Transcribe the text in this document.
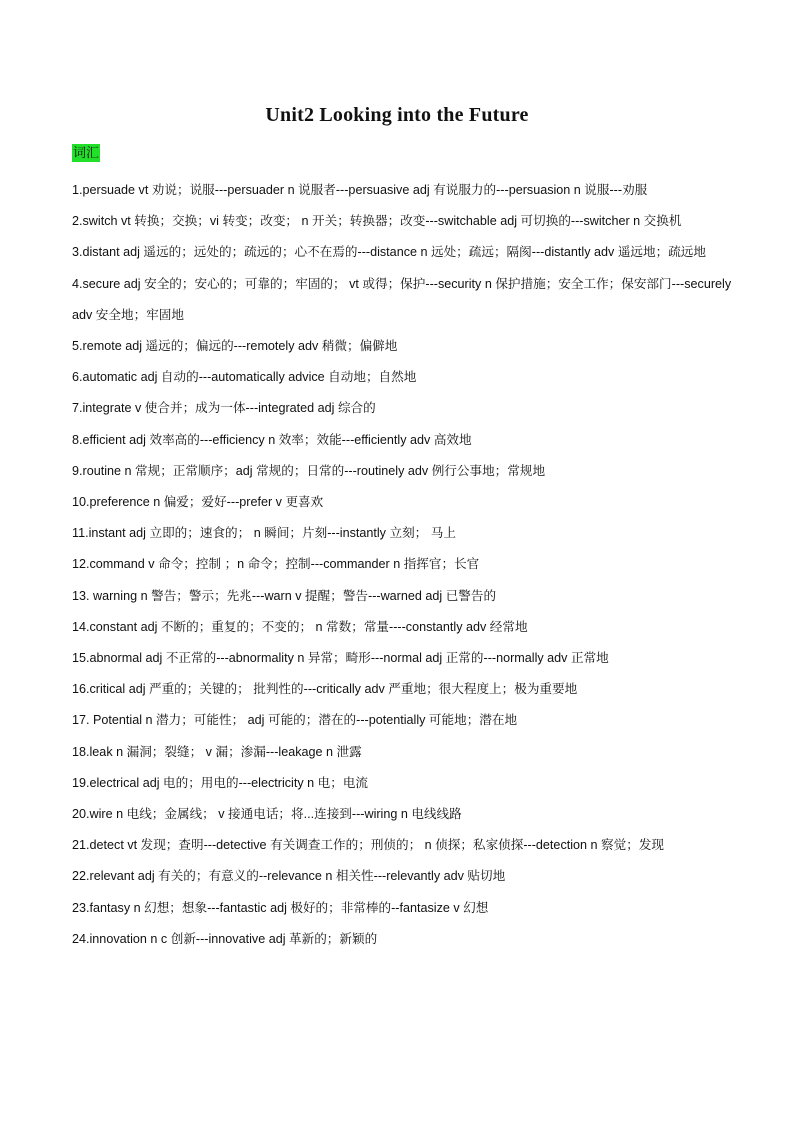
Unit2 Looking into the Future
词汇
1.persuade vt 劝说；说服---persuader n 说服者---persuasive adj 有说服力的---persuasion n 说服---劝服
2.switch vt 转换；交换；vi 转变；改变； n 开关；转换器；改变---switchable adj 可切换的---switcher n 交换机
3.distant adj 遥远的；远处的；疏远的；心不在焉的---distance n 远处；疏远；隔阂---distantly adv 遥远地；疏远地
4.secure adj 安全的；安心的；可靠的；牢固的； vt 或得；保护---security n 保护措施；安全工作；保安部门---securely adv 安全地；牢固地
5.remote adj 遥远的；偏远的---remotely adv 稍微；偏僻地
6.automatic adj 自动的---automatically advice 自动地；自然地
7.integrate v 使合并；成为一体---integrated adj 综合的
8.efficient adj 效率高的---efficiency n 效率；效能---efficiently adv 高效地
9.routine n 常规；正常顺序；adj 常规的；日常的---routinely adv 例行公事地；常规地
10.preference n 偏爱；爱好---prefer v 更喜欢
11.instant adj 立即的；速食的； n 瞬间；片刻---instantly 立刻； 马上
12.command v 命令；控制 ；n 命令；控制---commander n 指挥官；长官
13. warning n 警告；警示；先兆---warn v 提醒；警告---warned adj 已警告的
14.constant adj 不断的；重复的；不变的； n 常数；常量----constantly adv 经常地
15.abnormal adj 不正常的---abnormality n 异常；畸形---normal adj 正常的---normally adv 正常地
16.critical adj 严重的；关键的； 批判性的---critically adv 严重地；很大程度上；极为重要地
17. Potential n 潜力；可能性； adj 可能的；潜在的---potentially 可能地；潜在地
18.leak n 漏洞；裂缝； v 漏；渗漏---leakage n 泄露
19.electrical adj 电的；用电的---electricity n 电；电流
20.wire n 电线；金属线； v 接通电话；将...连接到---wiring n 电线线路
21.detect vt 发现；查明---detective 有关调查工作的；刑侦的； n 侦探；私家侦探---detection n 察觉；发现
22.relevant adj 有关的；有意义的--relevance n 相关性---relevantly adv 贴切地
23.fantasy n 幻想；想象---fantastic adj 极好的；非常棒的--fantasize v 幻想
24.innovation n c 创新---innovative adj 革新的；新颖的
